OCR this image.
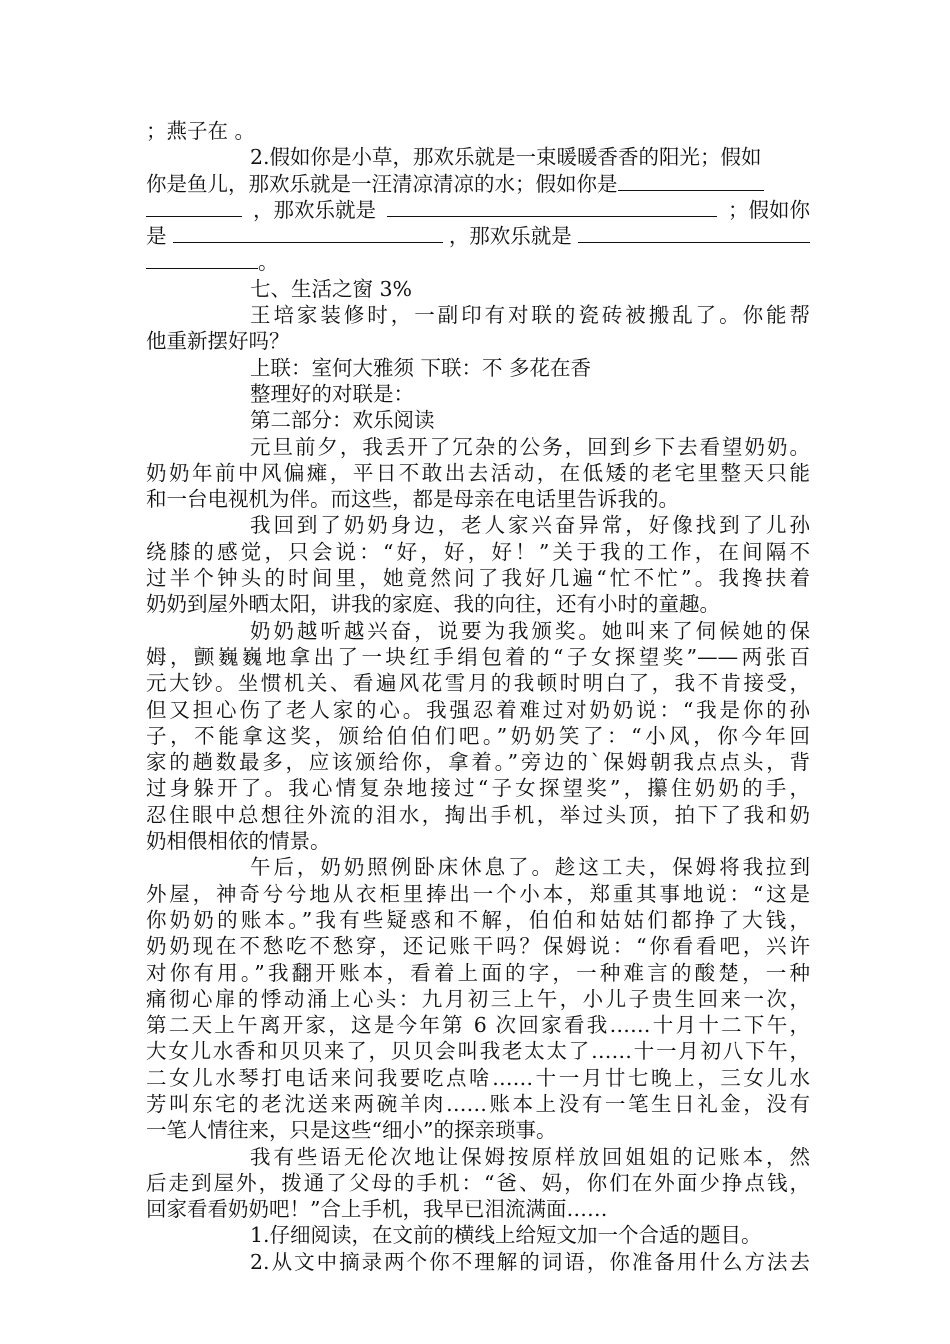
；燕子在 。
2.假如你是小草，那欢乐就是一束暖暖香香的阳光；假如
你是鱼儿，那欢乐就是一汪清凉清凉的水；假如你是
，那欢乐就是	；假如你
是	，那欢乐就是
。
七、生活之窗 3%
王培家装修时，一副印有对联的瓷砖被搬乱了。你能帮
他重新摆好吗？
上联：室何大雅须 下联：不 多花在香
整理好的对联是：
第二部分：欢乐阅读
元旦前夕，我丢开了冗杂的公务，回到乡下去看望奶奶。
奶奶年前中风偏瘫，平日不敢出去活动，在低矮的老宅里整天只能
和一台电视机为伴。而这些，都是母亲在电话里告诉我的。
我回到了奶奶身边，老人家兴奋异常，好像找到了儿孙
绕膝的感觉，只会说：“好，好，好！”关于我的工作，在间隔不
过半个钟头的时间里，她竟然问了我好几遍“忙不忙”。我搀扶着
奶奶到屋外晒太阳，讲我的家庭、我的向往，还有小时的童趣。
奶奶越听越兴奋，说要为我颁奖。她叫来了伺候她的保
姆，颤巍巍地拿出了一块红手绢包着的“子女探望奖”——两张百
元大钞。坐惯机关、看遍风花雪月的我顿时明白了，我不肯接受，
但又担心伤了老人家的心。我强忍着难过对奶奶说：“我是你的孙
子，不能拿这奖，颁给伯伯们吧。”奶奶笑了：“小风，你今年回
家的趟数最多，应该颁给你，拿着。”旁边的`保姆朝我点点头，背
过身躲开了。我心情复杂地接过“子女探望奖”，攥住奶奶的手，
忍住眼中总想往外流的泪水，掏出手机，举过头顶，拍下了我和奶
奶相偎相依的情景。
午后，奶奶照例卧床休息了。趁这工夫，保姆将我拉到
外屋，神奇兮兮地从衣柜里捧出一个小本，郑重其事地说：“这是
你奶奶的账本。”我有些疑惑和不解，伯伯和姑姑们都挣了大钱，
奶奶现在不愁吃不愁穿，还记账干吗？保姆说：“你看看吧，兴许
对你有用。”我翻开账本，看着上面的字，一种难言的酸楚，一种
痛彻心扉的悸动涌上心头：九月初三上午，小儿子贵生回来一次，
第二天上午离开家，这是今年第 6 次回家看我……十月十二下午，
大女儿水香和贝贝来了，贝贝会叫我老太太了……十一月初八下午，
二女儿水琴打电话来问我要吃点啥……十一月廿七晚上，三女儿水
芳叫东宅的老沈送来两碗羊肉……账本上没有一笔生日礼金，没有
一笔人情往来，只是这些“细小”的探亲琐事。
我有些语无伦次地让保姆按原样放回姐姐的记账本，然
后走到屋外，拨通了父母的手机：“爸、妈，你们在外面少挣点钱，
回家看看奶奶吧！”合上手机，我早已泪流满面……
1.仔细阅读，在文前的横线上给短文加一个合适的题目。
2.从文中摘录两个你不理解的词语，你准备用什么方法去
